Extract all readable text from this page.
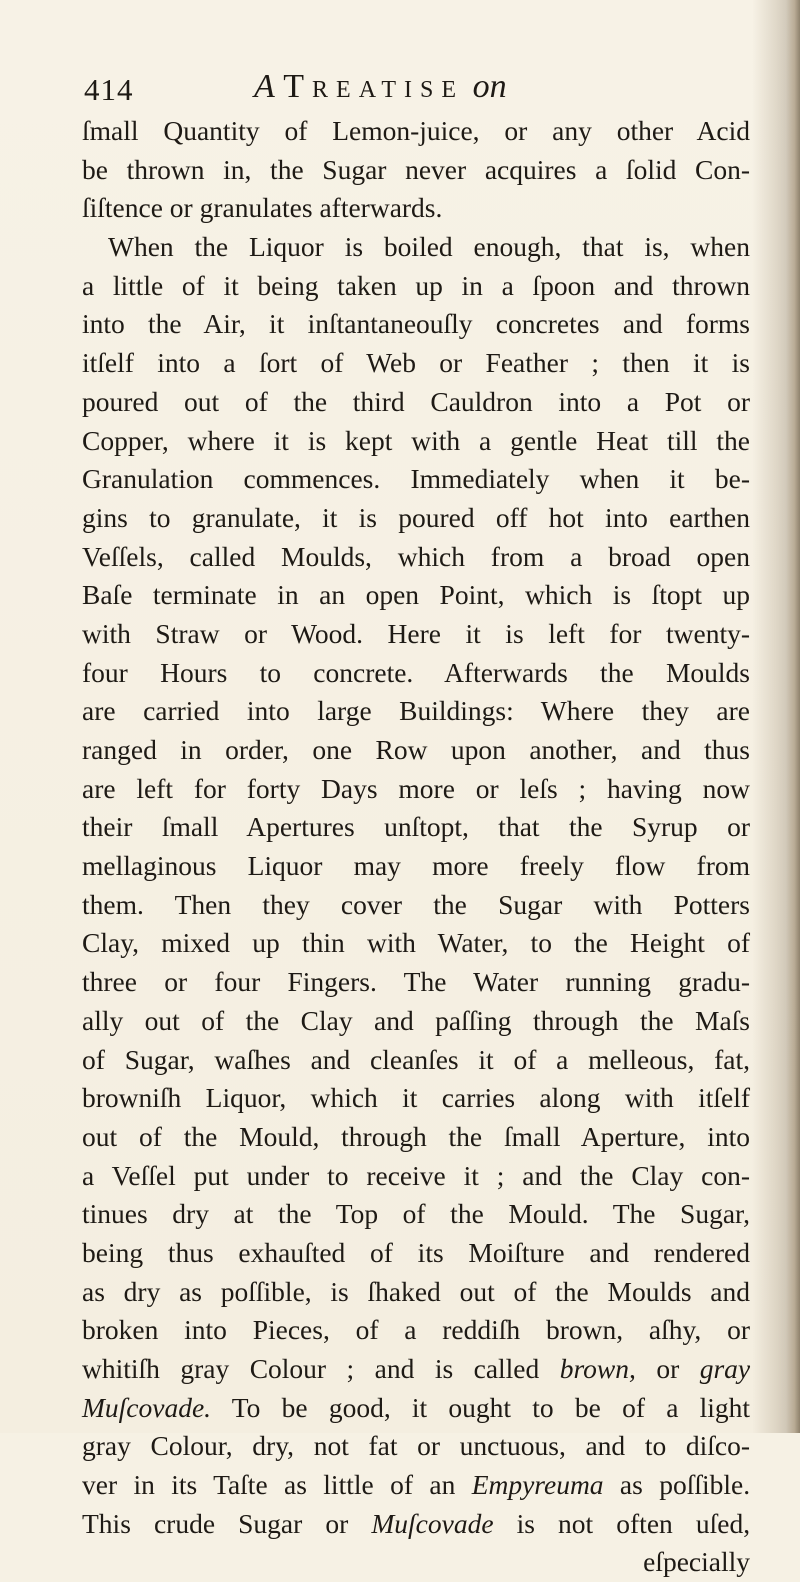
414	A Treatise on
ſmall Quantity of Lemon-juice, or any other Acid
be thrown in, the Sugar never acquires a ſolid Con-
ſiſtence or granulates afterwards.
When the Liquor is boiled enough, that is, when
a little of it being taken up in a ſpoon and thrown
into the Air, it inſtantaneouſly concretes and forms
itſelf into a ſort of Web or Feather ; then it is
poured out of the third Cauldron into a Pot or
Copper, where it is kept with a gentle Heat till the
Granulation commences. Immediately when it be-
gins to granulate, it is poured off hot into earthen
Veſſels, called Moulds, which from a broad open
Baſe terminate in an open Point, which is ſtopt up
with Straw or Wood. Here it is left for twenty-
four Hours to concrete. Afterwards the Moulds
are carried into large Buildings: Where they are
ranged in order, one Row upon another, and thus
are left for forty Days more or leſs ; having now
their ſmall Apertures unſtopt, that the Syrup or
mellaginous Liquor may more freely flow from
them. Then they cover the Sugar with Potters
Clay, mixed up thin with Water, to the Height of
three or four Fingers. The Water running gradu-
ally out of the Clay and paſſing through the Maſs
of Sugar, waſhes and cleanſes it of a melleous, fat,
browniſh Liquor, which it carries along with itſelf
out of the Mould, through the ſmall Aperture, into
a Veſſel put under to receive it ; and the Clay con-
tinues dry at the Top of the Mould. The Sugar,
being thus exhauſted of its Moiſture and rendered
as dry as poſſible, is ſhaked out of the Moulds and
broken into Pieces, of a reddiſh brown, aſhy, or
whitiſh gray Colour ; and is called brown, or gray
Muſcovade. To be good, it ought to be of a light
gray Colour, dry, not fat or unctuous, and to diſco-
ver in its Taſte as little of an Empyreuma as poſſible.
This crude Sugar or Muſcovade is not often uſed,
eſpecially
